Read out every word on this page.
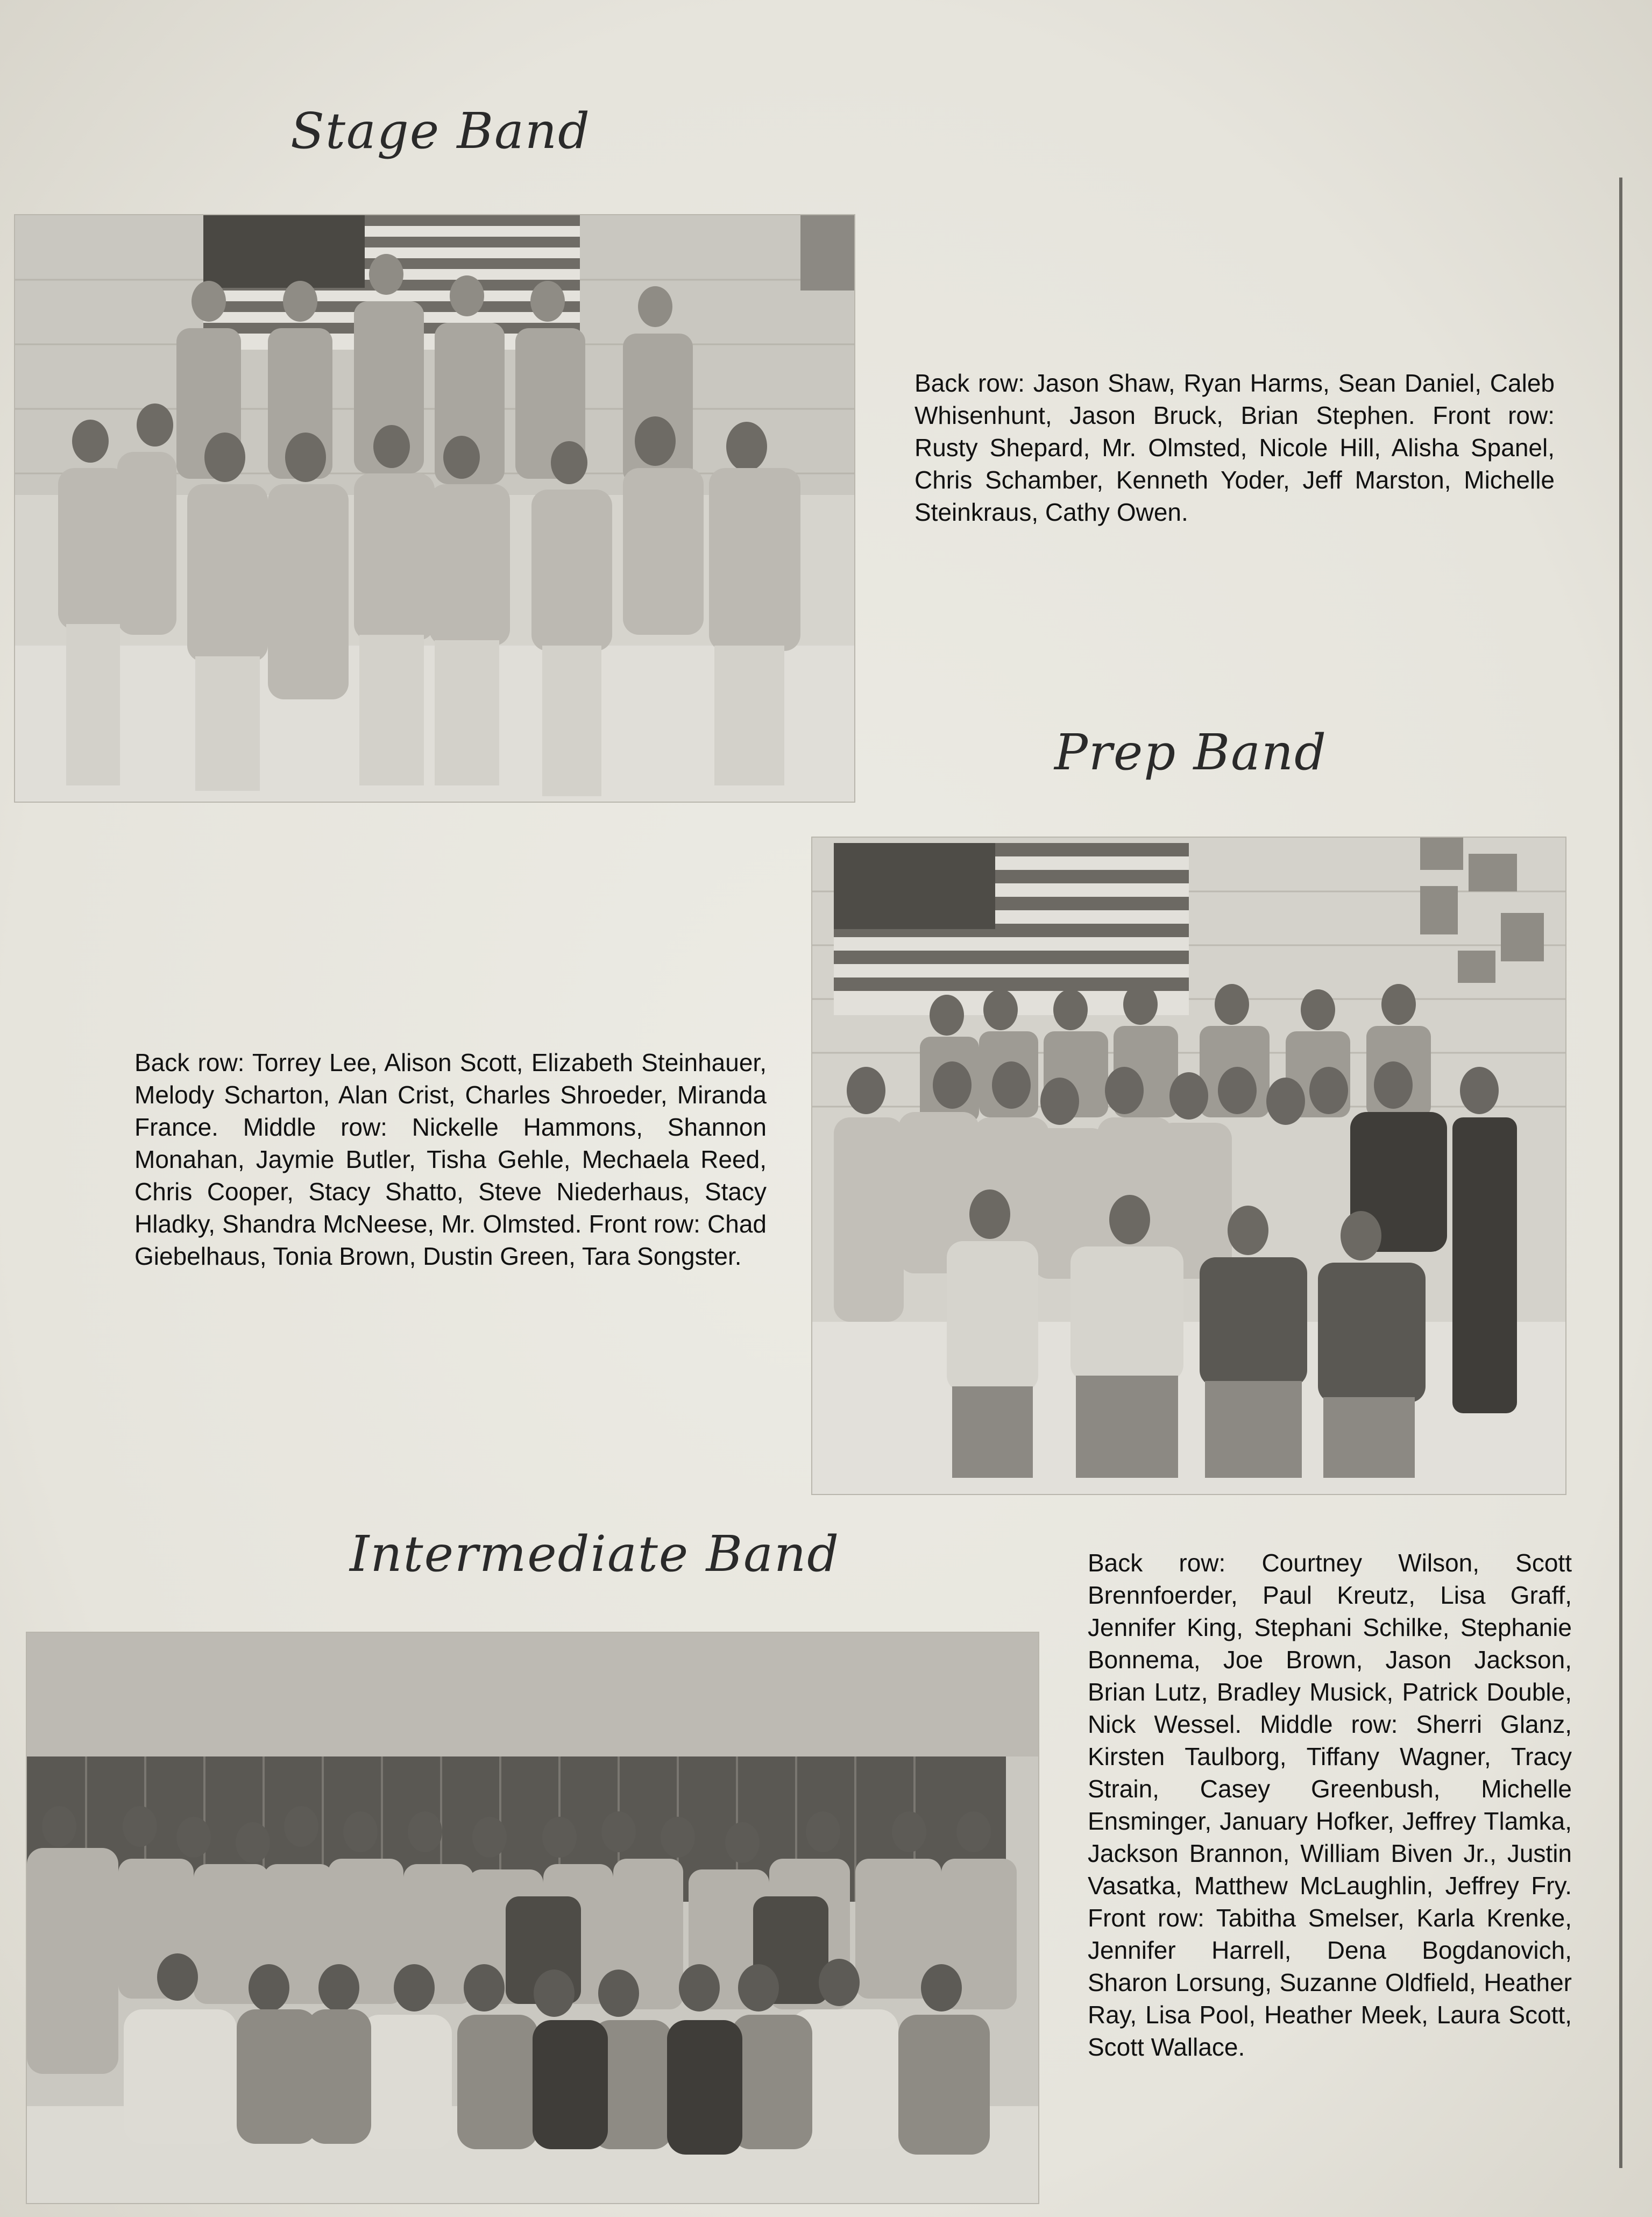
Stage Band
Back row: Jason Shaw, Ryan Harms, Sean Daniel, Caleb Whisenhunt, Jason Bruck, Brian Stephen. Front row: Rusty Shepard, Mr. Olmsted, Nicole Hill, Alisha Spanel, Chris Schamber, Kenneth Yoder, Jeff Marston, Michelle Steinkraus, Cathy Owen.
Prep Band
Back row: Torrey Lee, Alison Scott, Elizabeth Steinhauer, Melody Scharton, Alan Crist, Charles Shroeder, Miranda France. Middle row: Nickelle Hammons, Shannon Monahan, Jaymie Butler, Tisha Gehle, Mechaela Reed, Chris Cooper, Stacy Shatto, Steve Niederhaus, Stacy Hladky, Shandra McNeese, Mr. Olmsted. Front row: Chad Giebelhaus, Tonia Brown, Dustin Green, Tara Songster.
Intermediate Band	Back row: Courtney Wilson, Scott Brennfoerder, Paul Kreutz, Lisa Graff, Jennifer King, Stephani Schilke, Stephanie Bonnema, Joe Brown, Jason Jackson, Brian Lutz, Bradley Musick, Patrick Double, Nick Wessel. Middle row: Sherri Glanz, Kirsten Taulborg, Tiffany Wagner, Tracy Strain, Casey Greenbush, Michelle Ensminger, January Hofker, Jeffrey Tlamka, Jackson Brannon, William Biven Jr., Justin Vasatka, Matthew McLaughlin, Jeffrey Fry. Front row: Tabitha Smelser, Karla Krenke, Jennifer Harrell, Dena Bogdanovich, Sharon Lorsung, Suzanne Oldfield, Heather Ray, Lisa Pool, Heather Meek, Laura Scott, Scott Wallace.
